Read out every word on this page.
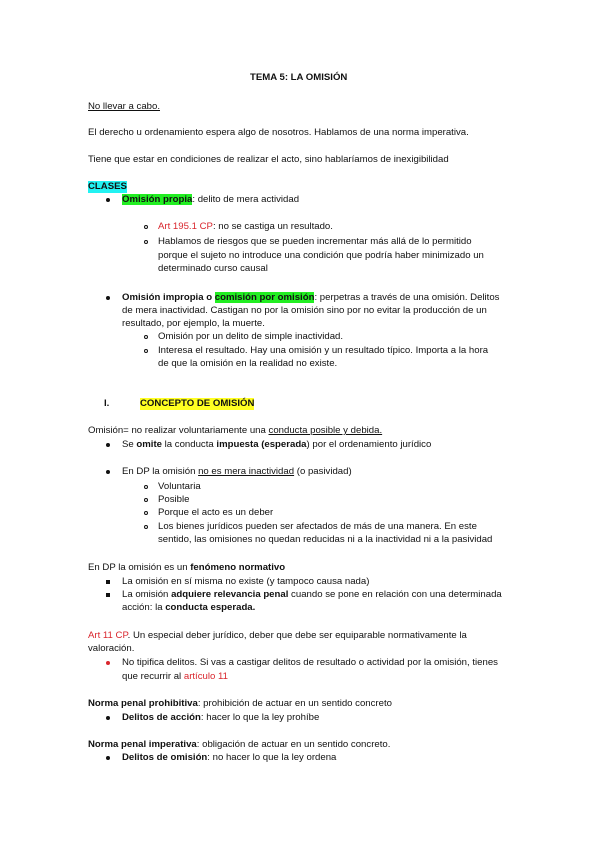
TEMA 5: LA OMISIÓN
No llevar a cabo.
El derecho u ordenamiento espera algo de nosotros. Hablamos de una norma imperativa.
Tiene que estar en condiciones de realizar el acto, sino hablaríamos de inexigibilidad
CLASES
Omisión propia: delito de mera actividad
Art 195.1 CP: no se castiga un resultado.
Hablamos de riesgos que se pueden incrementar más allá de lo permitido
porque el sujeto no introduce una condición que podría haber minimizado un
determinado curso causal
Omisión impropia o comisión por omisión: perpetras a través de una omisión. Delitos
de mera inactividad. Castigan no por la omisión sino por no evitar la producción de un
resultado, por ejemplo, la muerte.
Omisión por un delito de simple inactividad.
Interesa el resultado. Hay una omisión y un resultado típico. Importa a la hora
de que la omisión en la realidad no existe.
I.	CONCEPTO DE OMISIÓN
Omisión= no realizar voluntariamente una conducta posible y debida.
Se omite la conducta impuesta (esperada) por el ordenamiento jurídico
En DP la omisión no es mera inactividad (o pasividad)
Voluntaria
Posible
Porque el acto es un deber
Los bienes jurídicos pueden ser afectados de más de una manera. En este
sentido, las omisiones no quedan reducidas ni a la inactividad ni a la pasividad
En DP la omisión es un fenómeno normativo
La omisión en sí misma no existe (y tampoco causa nada)
La omisión adquiere relevancia penal cuando se pone en relación con una determinada
acción: la conducta esperada.
Art 11 CP. Un especial deber jurídico, deber que debe ser equiparable normativamente la
valoración.
No tipifica delitos. Si vas a castigar delitos de resultado o actividad por la omisión, tienes
que recurrir al artículo 11
Norma penal prohibitiva: prohibición de actuar en un sentido concreto
Delitos de acción: hacer lo que la ley prohíbe
Norma penal imperativa: obligación de actuar en un sentido concreto.
Delitos de omisión: no hacer lo que la ley ordena
